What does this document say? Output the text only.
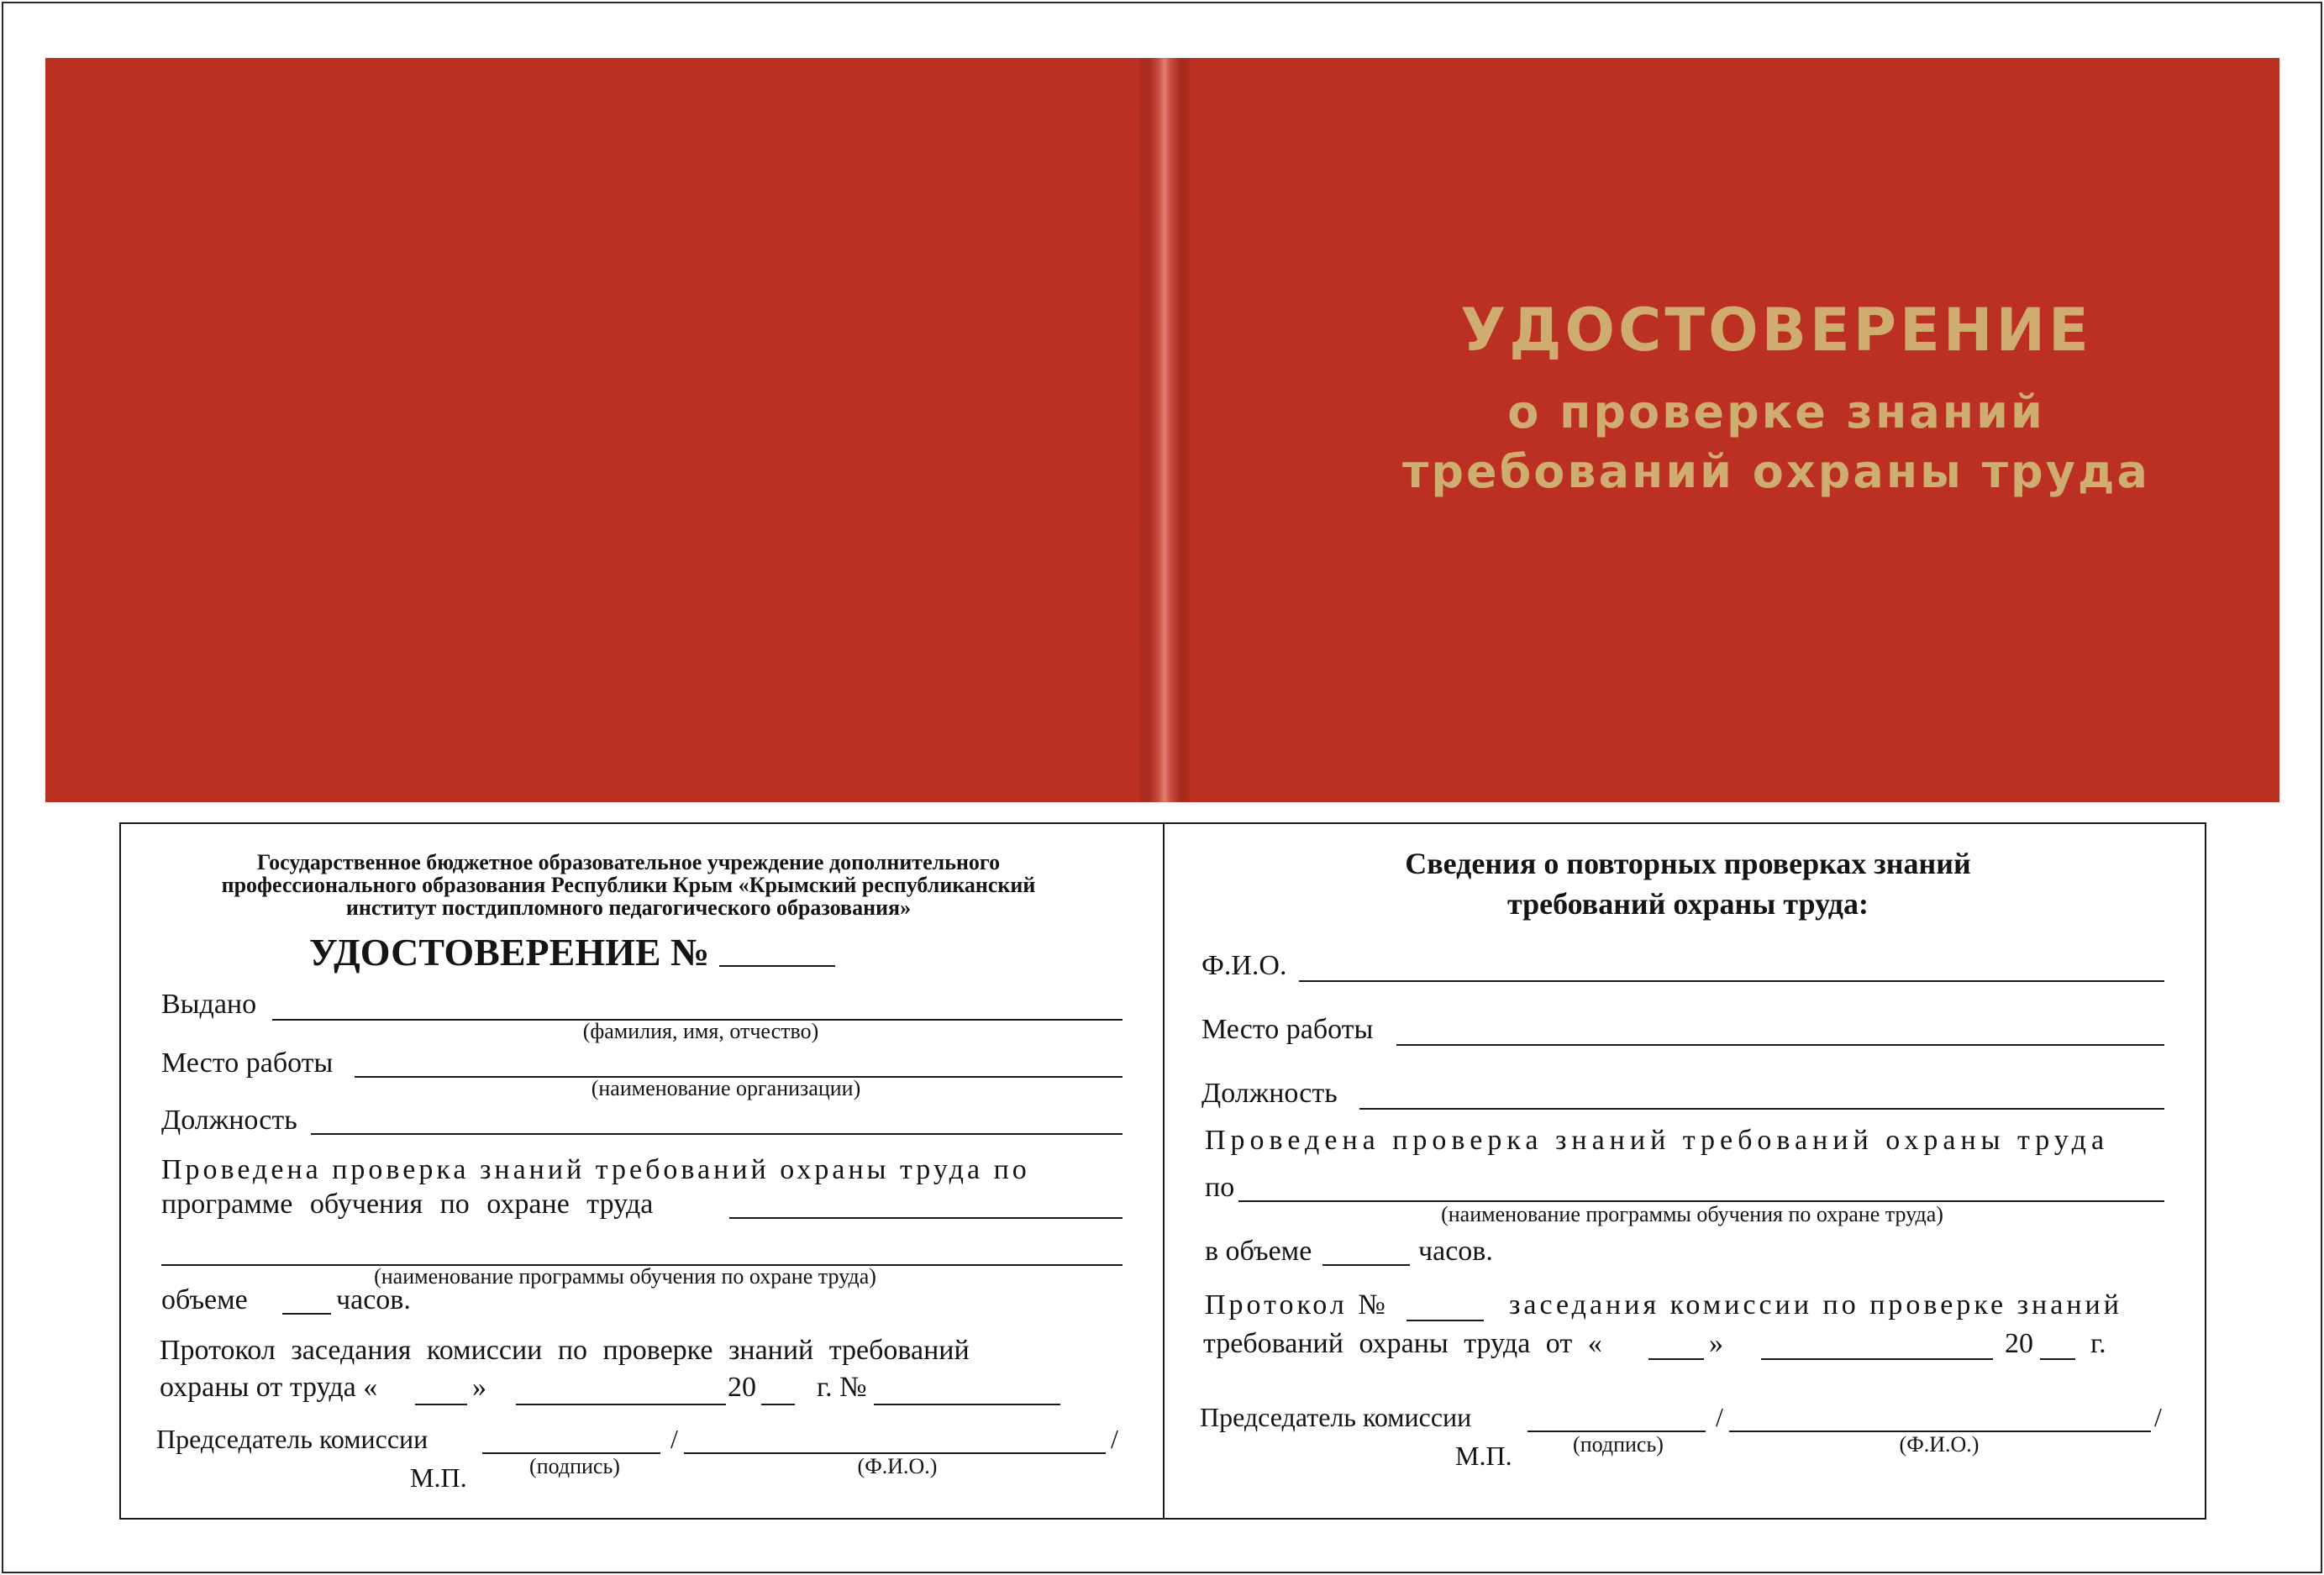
УДОСТОВЕРЕНИЕ

о проверке знаний

требований охраны труда

Государственное бюджетное образовательное учреждение дополнительного

профессионального образования Республики Крым «Крымский республиканский

институт постдипломного педагогического образования»

УДОСТОВЕРЕНИЕ №

Выдано

(фамилия, имя, отчество)

Место работы

(наименование организации)

Должность

Проведена проверка знаний требований охраны труда по

программе обучения по охране труда

(наименование программы обучения по охране труда)

объеме	часов.

Протокол заседания комиссии по проверке знаний требований

охраны от труда «	»	20 г. №

Председатель комиссии	/	/

М.П.	(подпись)	(Ф.И.О.)

Сведения о повторных проверках знаний

требований охраны труда:

Ф.И.О.

Место работы

Должность

Проведена проверка знаний требований охраны труда

по

(наименование программы обучения по охране труда)

в объеме	часов.

Протокол №	заседания комиссии по проверке знаний

требований охраны труда от «	»	20 г.

Председатель комиссии	/	/

М.П.	(подпись)	(Ф.И.О.)
